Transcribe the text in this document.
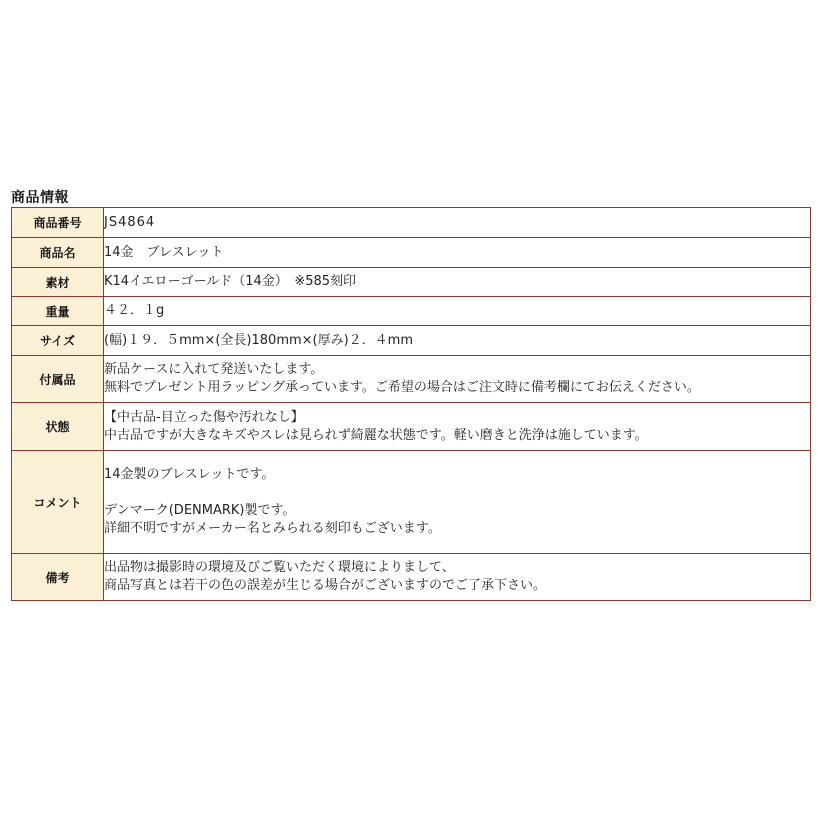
商品情報
商品番号	JS4864

商品名	14金　ブレスレット

素材	K14イエローゴールド（14金）　※585刻印

重量	４２．１g

サイズ	(幅)１９．５mm×(全長)180mm×(厚み)２．４mm

付属品	新品ケースに入れて発送いたします。
無料でプレゼント用ラッピング承っています。ご希望の場合はご注文時に備考欄にてお伝えください。

状態	【中古品-目立った傷や汚れなし】
中古品ですが大きなキズやスレは見られず綺麗な状態です。軽い磨きと洗浄は施しています。

コメント	14金製のブレスレットです。
デンマーク(DENMARK)製です。
詳細不明ですがメーカー名とみられる刻印もございます。

備考	出品物は撮影時の環境及びご覧いただく環境によりまして、
商品写真とは若干の色の誤差が生じる場合がございますのでご了承下さい。
